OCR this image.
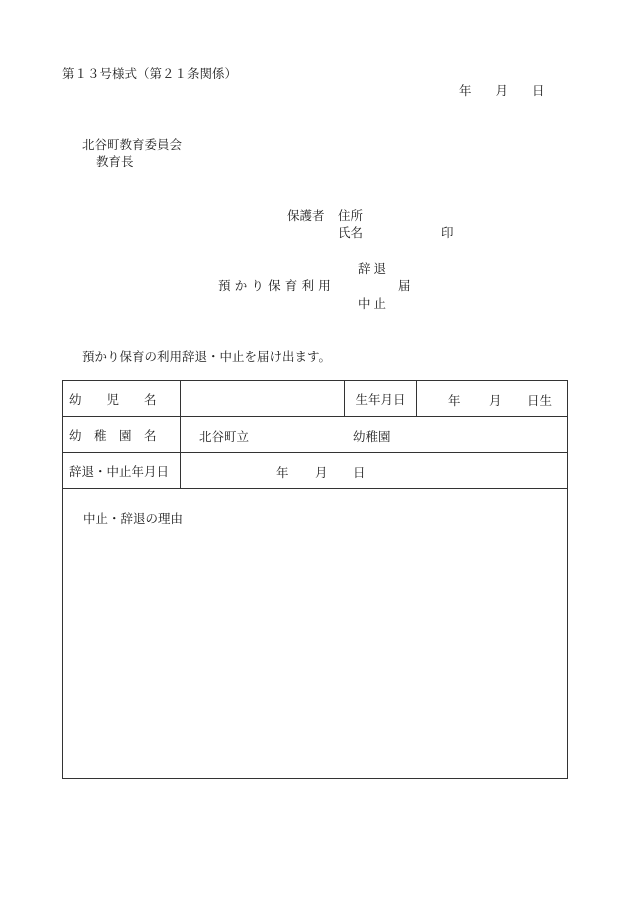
第１３号様式（第２１条関係）
年 月 日
北谷町教育委員会
教育長
保護者 住所
氏名	印
辞退
預かり保育利用	届
中止
預かり保育の利用辞退・中止を届け出ます。
幼　　児　　名		生年月日	年 月 日生

幼　稚　園　名	北谷町立 幼稚園		

辞退・中止年月日	年 月 日		

中止・辞退の理由			
